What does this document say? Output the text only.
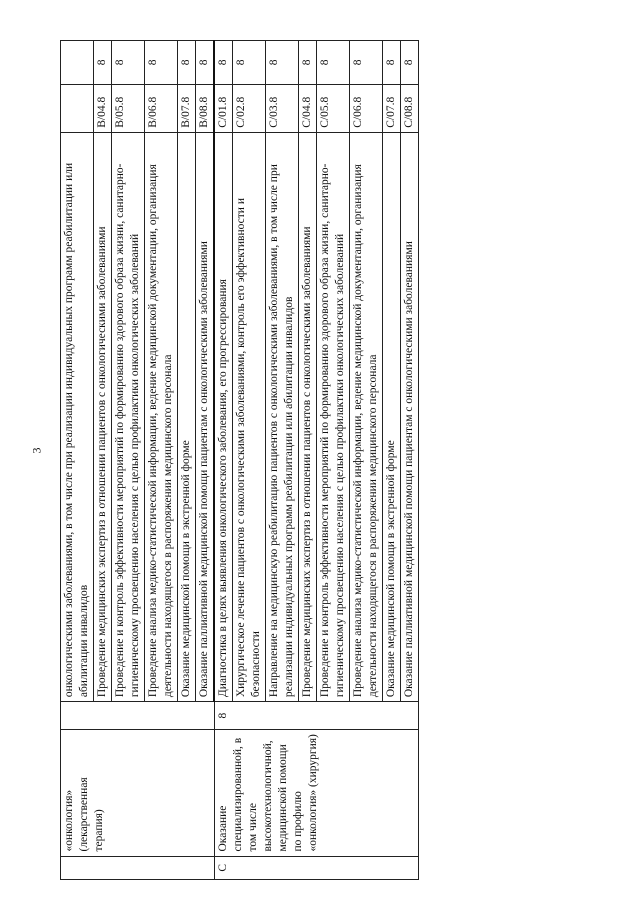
3
	«онкология» (лекарственная терапия)		онкологическими заболеваниями, в том числе при реализации индивидуальных программ реабилитации или абилитации инвалидов		
			Проведение медицинских экспертиз в отношении пациентов с онкологическими заболеваниями	B/04.8	8
			Проведение и контроль эффективности мероприятий по формированию здорового образа жизни, санитарно-гигиеническому просвещению населения с целью профилактики онкологических заболеваний	B/05.8	8
			Проведение анализа медико-статистической информации, ведение медицинской документации, организация деятельности находящегося в распоряжении медицинского персонала	B/06.8	8
			Оказание медицинской помощи в экстренной форме	B/07.8	8
			Оказание паллиативной медицинской помощи пациентам с онкологическими заболеваниями	B/08.8	8
C	Оказание специализированной, в том числе высокотехнологичной, медицинской помощи по профилю «онкология» (хирургия)	8	Диагностика в целях выявления онкологического заболевания, его прогрессирования	C/01.8	8
			Хирургическое лечение пациентов с онкологическими заболеваниями, контроль его эффективности и безопасности	C/02.8	8
			Направление на медицинскую реабилитацию пациентов с онкологическими заболеваниями, в том числе при реализации индивидуальных программ реабилитации или абилитации инвалидов	C/03.8	8
			Проведение медицинских экспертиз в отношении пациентов с онкологическими заболеваниями	C/04.8	8
			Проведение и контроль эффективности мероприятий по формированию здорового образа жизни, санитарно-гигиеническому просвещению населения с целью профилактики онкологических заболеваний	C/05.8	8
			Проведение анализа медико-статистической информации, ведение медицинской документации, организация деятельности находящегося в распоряжении медицинского персонала	C/06.8	8
			Оказание медицинской помощи в экстренной форме	C/07.8	8
			Оказание паллиативной медицинской помощи пациентам с онкологическими заболеваниями	C/08.8	8
